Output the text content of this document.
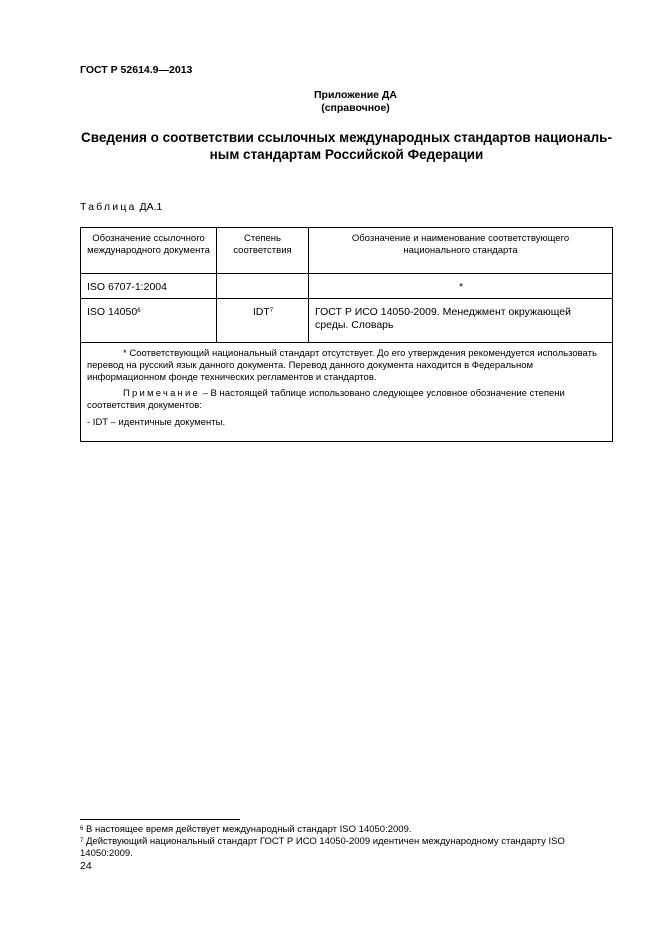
ГОСТ Р 52614.9—2013
Приложение ДА
(справочное)
Сведения о соответствии ссылочных международных стандартов националь-
ным стандартам Российской Федерации
Таблица ДА.1
Обозначение ссылочного международного документа	Степень соответствия	Обозначение и наименование соответствующего национального стандарта

ISO 6707-1:2004		*
ISO 14050$^6$	IDT$^7$	ГОСТ Р ИСО 14050-2009. Менеджмент окружающей среды. Словарь

* Соответствующий национальный стандарт отсутствует. До его утверждения рекомендуется использовать перевод на русский язык данного документа. Перевод данного документа находится в Федеральном информационном фонде технических регламентов и стандартов.

Примечание – В настоящей таблице использовано следующее условное обозначение степени соответствия документов:

- IDT – идентичные документы.		

$^6$ В настоящее время действует международный стандарт ISO 14050:2009.

$^7$ Действующий национальный стандарт ГОСТ Р ИСО 14050-2009 идентичен международному стандарту ISO 14050:2009.

24
